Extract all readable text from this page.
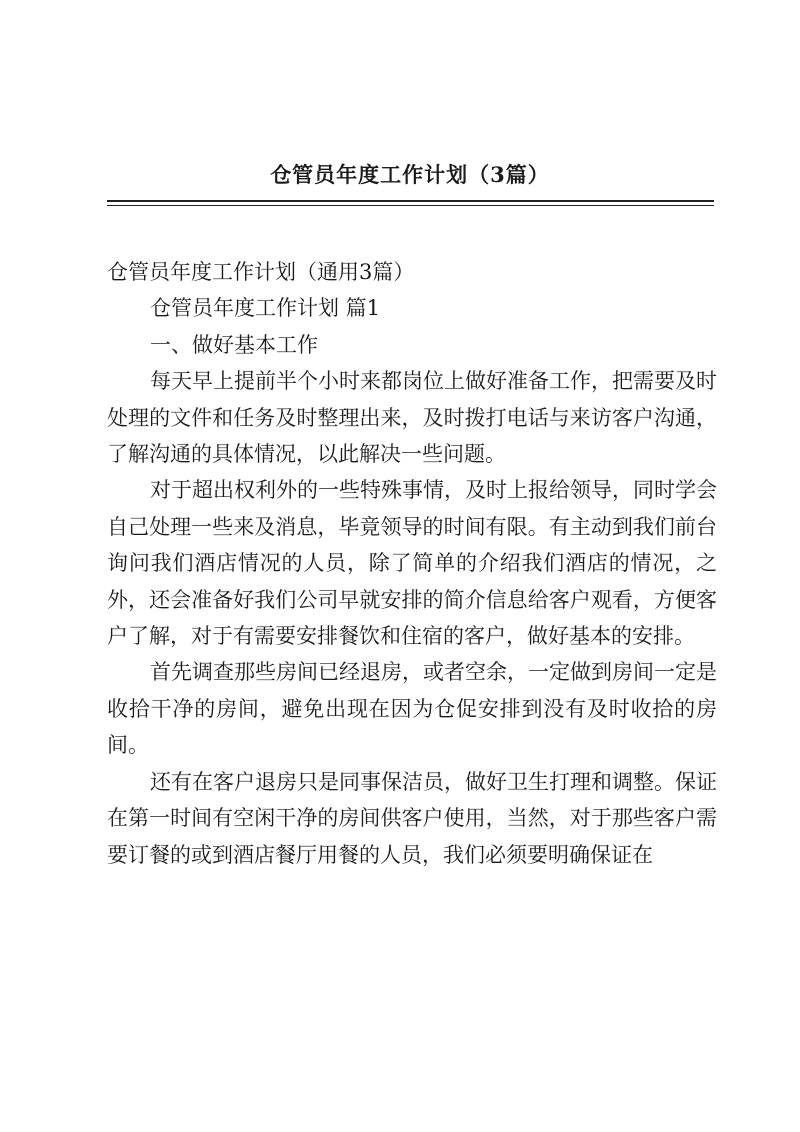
仓管员年度工作计划（3篇）

仓管员年度工作计划（通用3篇）

仓管员年度工作计划 篇1

一、做好基本工作

每天早上提前半个小时来都岗位上做好准备工作，把需要及时处理的文件和任务及时整理出来，及时拨打电话与来访客户沟通，了解沟通的具体情况，以此解决一些问题。

对于超出权利外的一些特殊事情，及时上报给领导，同时学会自己处理一些来及消息，毕竟领导的时间有限。有主动到我们前台询问我们酒店情况的人员，除了简单的介绍我们酒店的情况，之外，还会准备好我们公司早就安排的简介信息给客户观看，方便客户了解，对于有需要安排餐饮和住宿的客户，做好基本的安排。

首先调查那些房间已经退房，或者空余，一定做到房间一定是收拾干净的房间，避免出现在因为仓促安排到没有及时收拾的房间。

还有在客户退房只是同事保洁员，做好卫生打理和调整。保证在第一时间有空闲干净的房间供客户使用，当然，对于那些客户需要订餐的或到酒店餐厅用餐的人员，我们必须要明确保证在
